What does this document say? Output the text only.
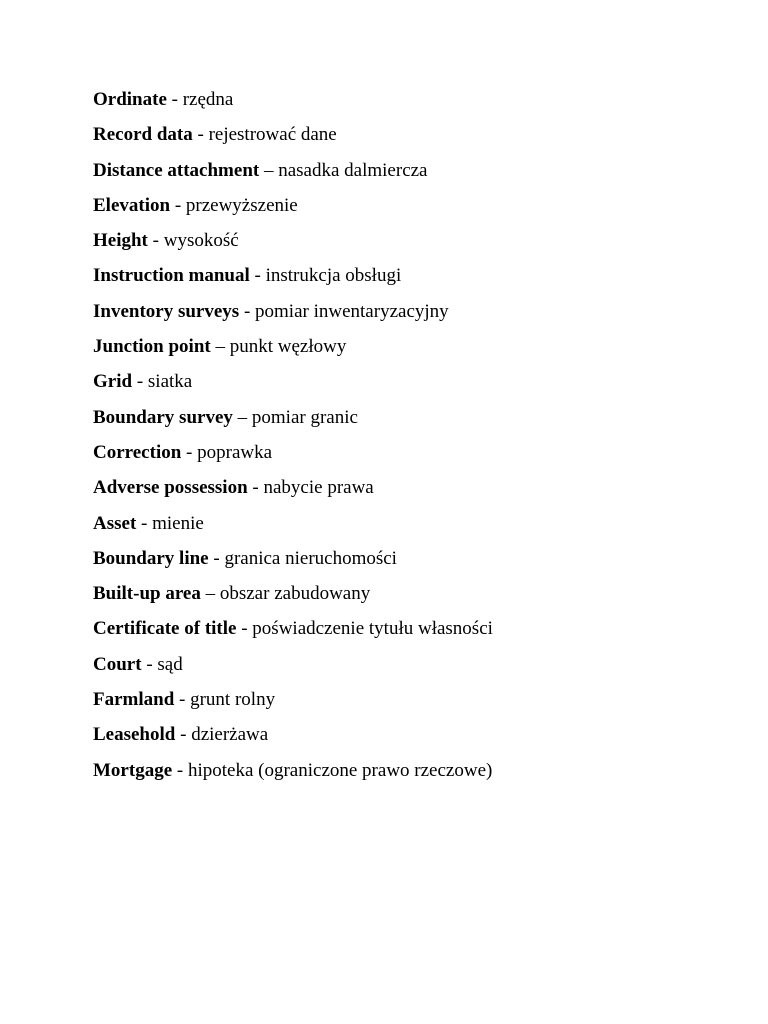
Ordinate - rzędna
Record data - rejestrować dane
Distance attachment – nasadka dalmiercza
Elevation - przewyższenie
Height - wysokość
Instruction manual - instrukcja obsługi
Inventory surveys - pomiar inwentaryzacyjny
Junction point – punkt węzłowy
Grid - siatka
Boundary survey – pomiar granic
Correction - poprawka
Adverse possession - nabycie prawa
Asset - mienie
Boundary line - granica nieruchomości
Built-up area – obszar zabudowany
Certificate of title - poświadczenie tytułu własności
Court - sąd
Farmland - grunt rolny
Leasehold - dzierżawa
Mortgage - hipoteka (ograniczone prawo rzeczowe)
